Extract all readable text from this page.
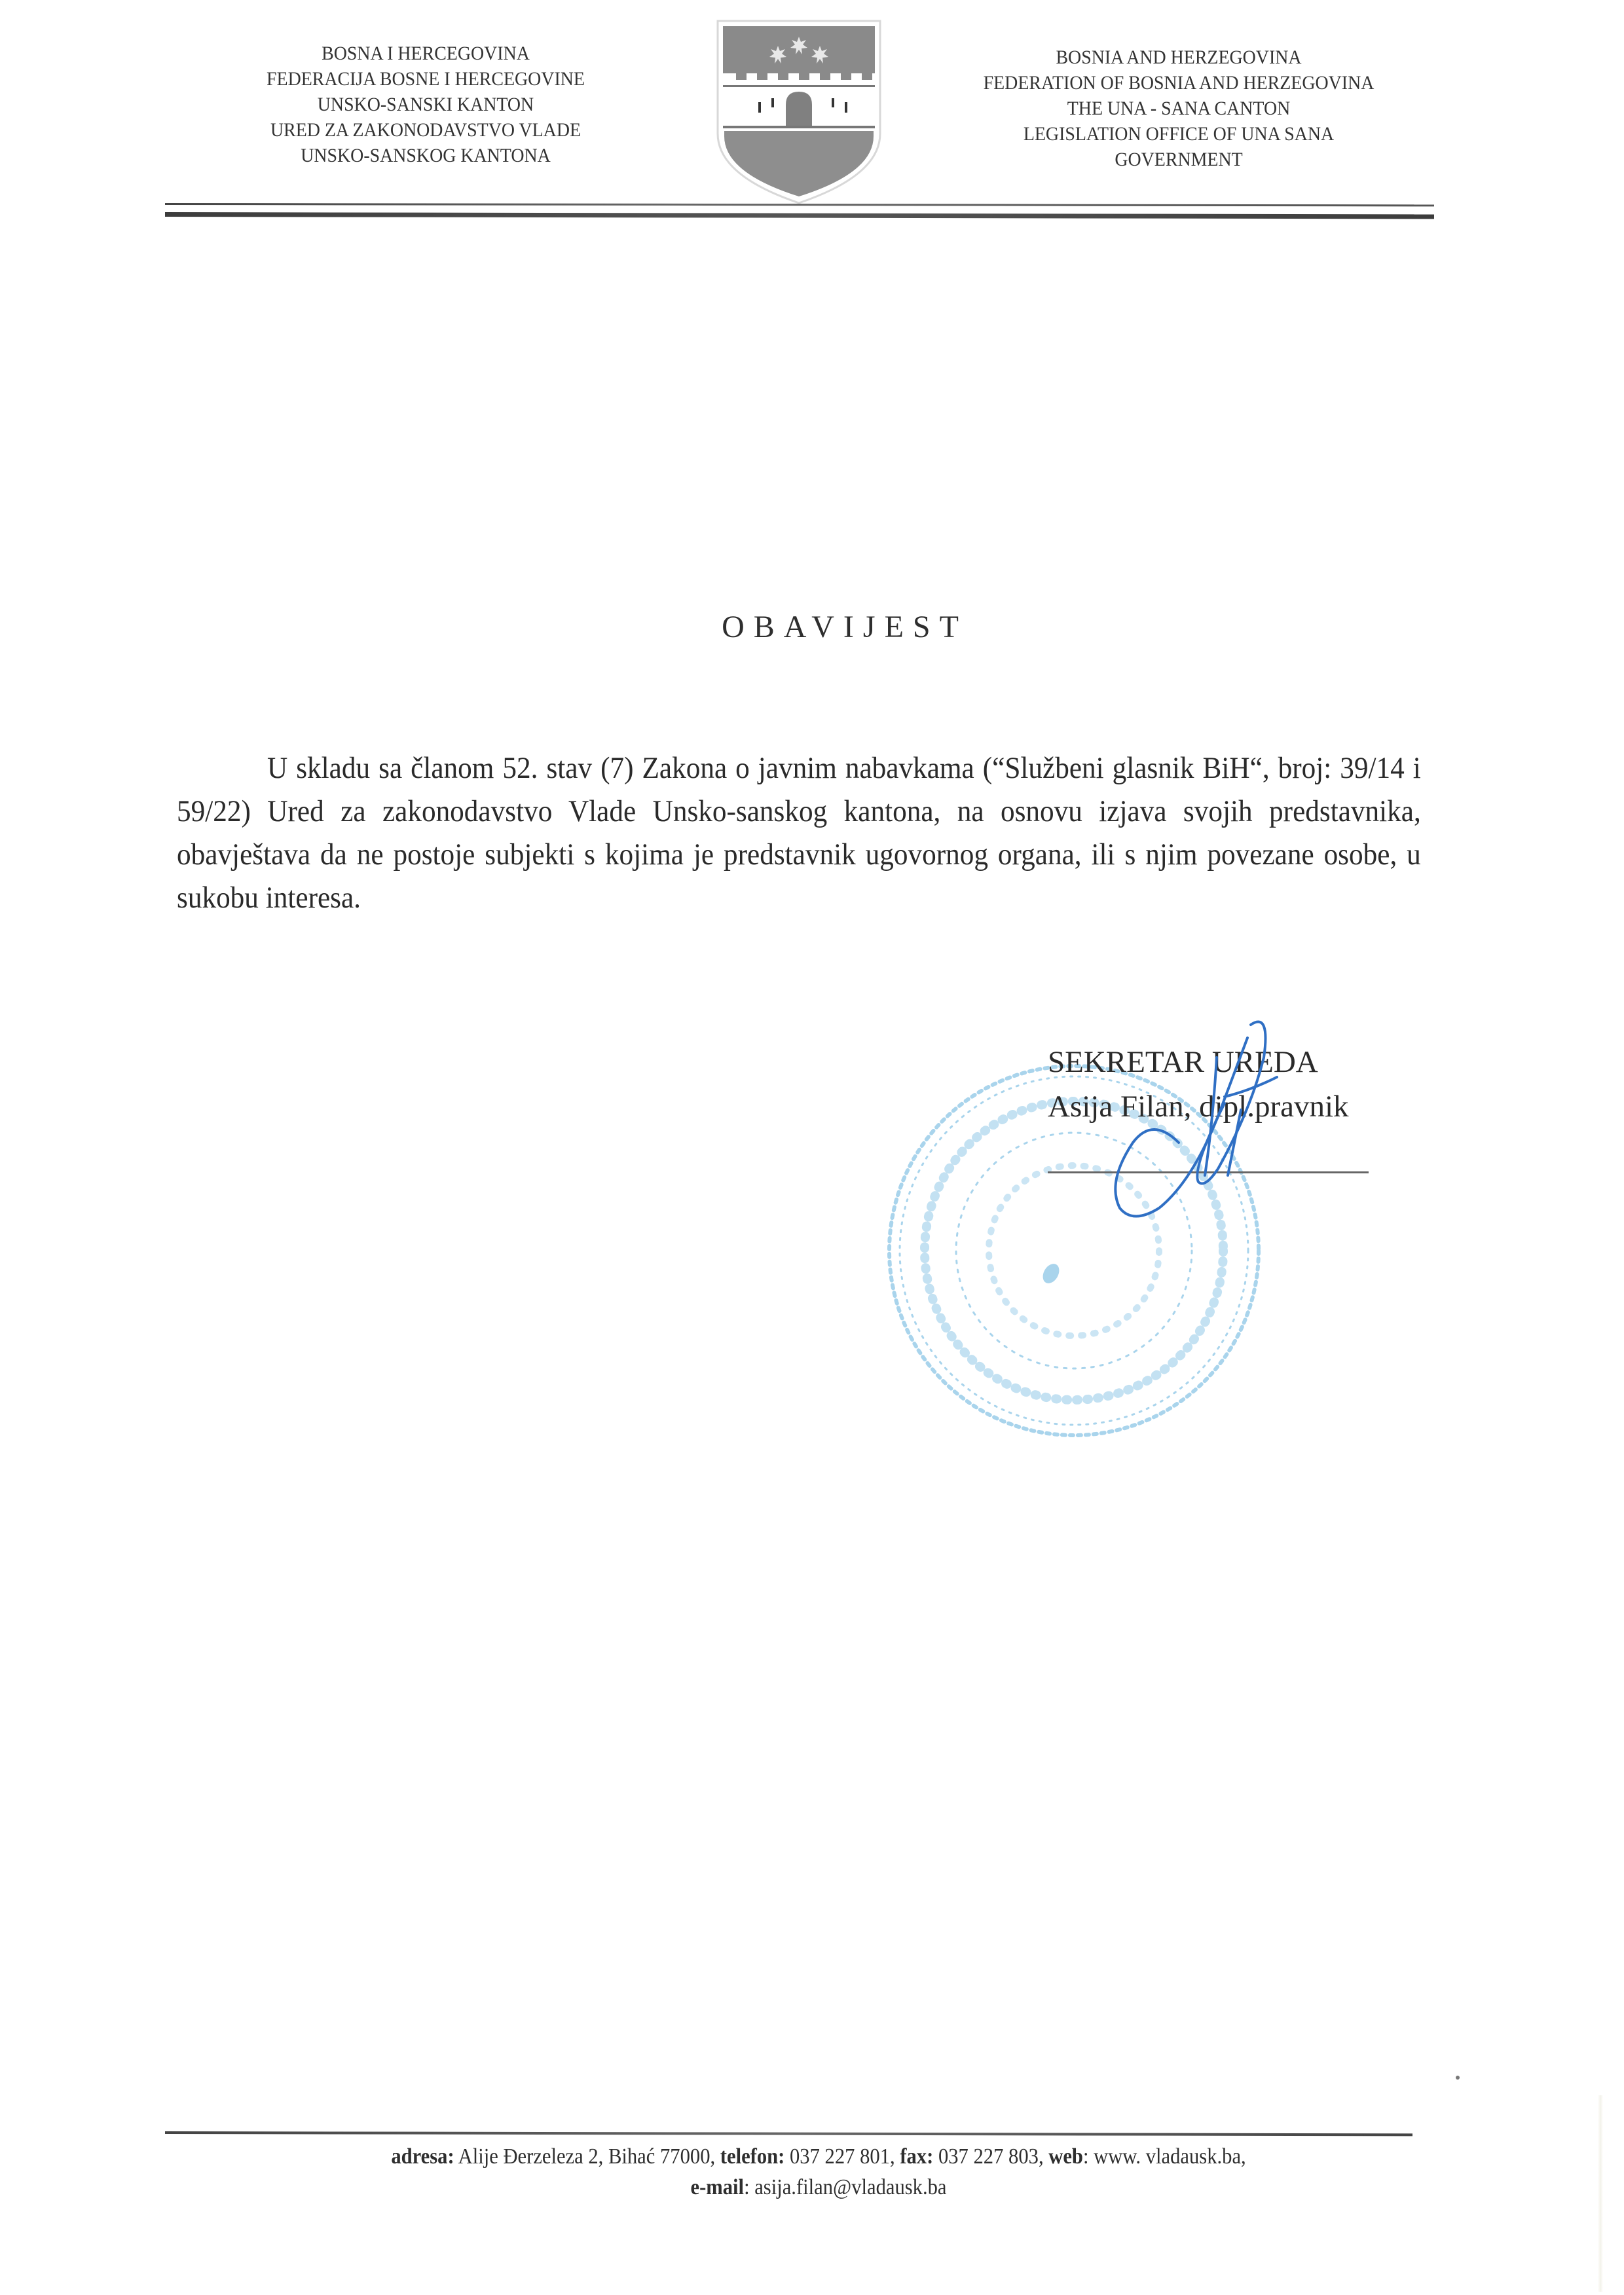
BOSNA I HERCEGOVINA
FEDERACIJA BOSNE I HERCEGOVINE
UNSKO-SANSKI KANTON
URED ZA ZAKONODAVSTVO VLADE
UNSKO-SANSKOG KANTONA
BOSNIA AND HERZEGOVINA
FEDERATION OF BOSNIA AND HERZEGOVINA
THE UNA - SANA CANTON
LEGISLATION OFFICE OF UNA SANA
GOVERNMENT
OBAVIJEST

U skladu sa članom 52. stav (7) Zakona o javnim nabavkama (“Službeni glasnik BiH“, broj: 39/14 i 59/22) Ured za zakonodavstvo Vlade Unsko-sanskog kantona, na osnovu izjava svojih predstavnika, obavještava da ne postoje subjekti s kojima je predstavnik ugovornog organa, ili s njim povezane osobe, u sukobu interesa.

SEKRETAR UREDA
Asija Filan, dipl.pravnik
adresa: Alije Đerzeleza 2, Bihać 77000, telefon: 037 227 801, fax: 037 227 803, web: www. vladausk.ba,
e-mail: asija.filan@vladausk.ba
